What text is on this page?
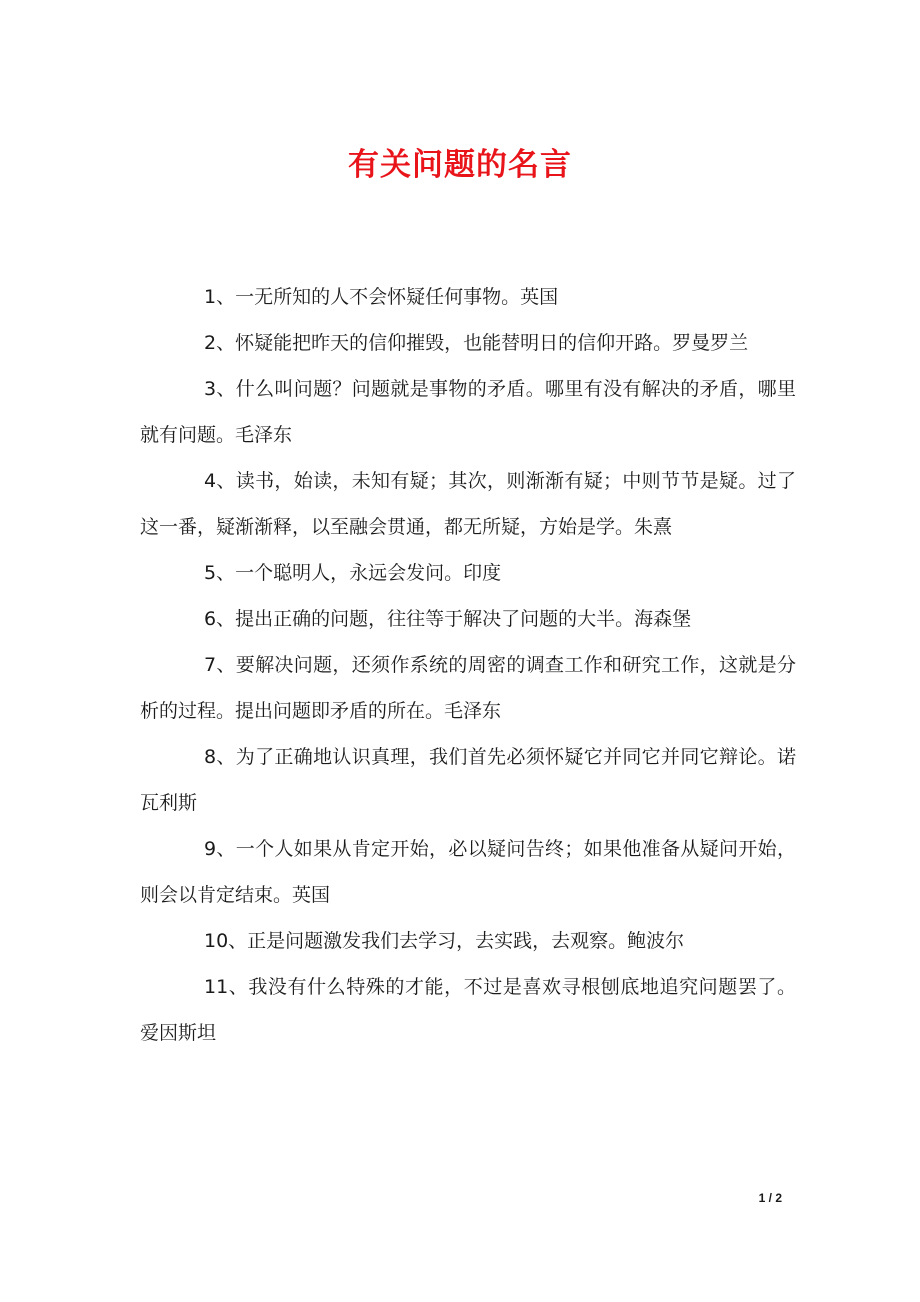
有关问题的名言
1、一无所知的人不会怀疑任何事物。英国
2、怀疑能把昨天的信仰摧毁，也能替明日的信仰开路。罗曼罗兰
3、什么叫问题？问题就是事物的矛盾。哪里有没有解决的矛盾，哪里就有问题。毛泽东
4、读书，始读，未知有疑；其次，则渐渐有疑；中则节节是疑。过了这一番，疑渐渐释，以至融会贯通，都无所疑，方始是学。朱熹
5、一个聪明人，永远会发问。印度
6、提出正确的问题，往往等于解决了问题的大半。海森堡
7、要解决问题，还须作系统的周密的调查工作和研究工作，这就是分析的过程。提出问题即矛盾的所在。毛泽东
8、为了正确地认识真理，我们首先必须怀疑它并同它并同它辩论。诺瓦利斯
9、一个人如果从肯定开始，必以疑问告终；如果他准备从疑问开始，则会以肯定结束。英国
10、正是问题激发我们去学习，去实践，去观察。鲍波尔
11、我没有什么特殊的才能，不过是喜欢寻根刨底地追究问题罢了。爱因斯坦
1 / 2
